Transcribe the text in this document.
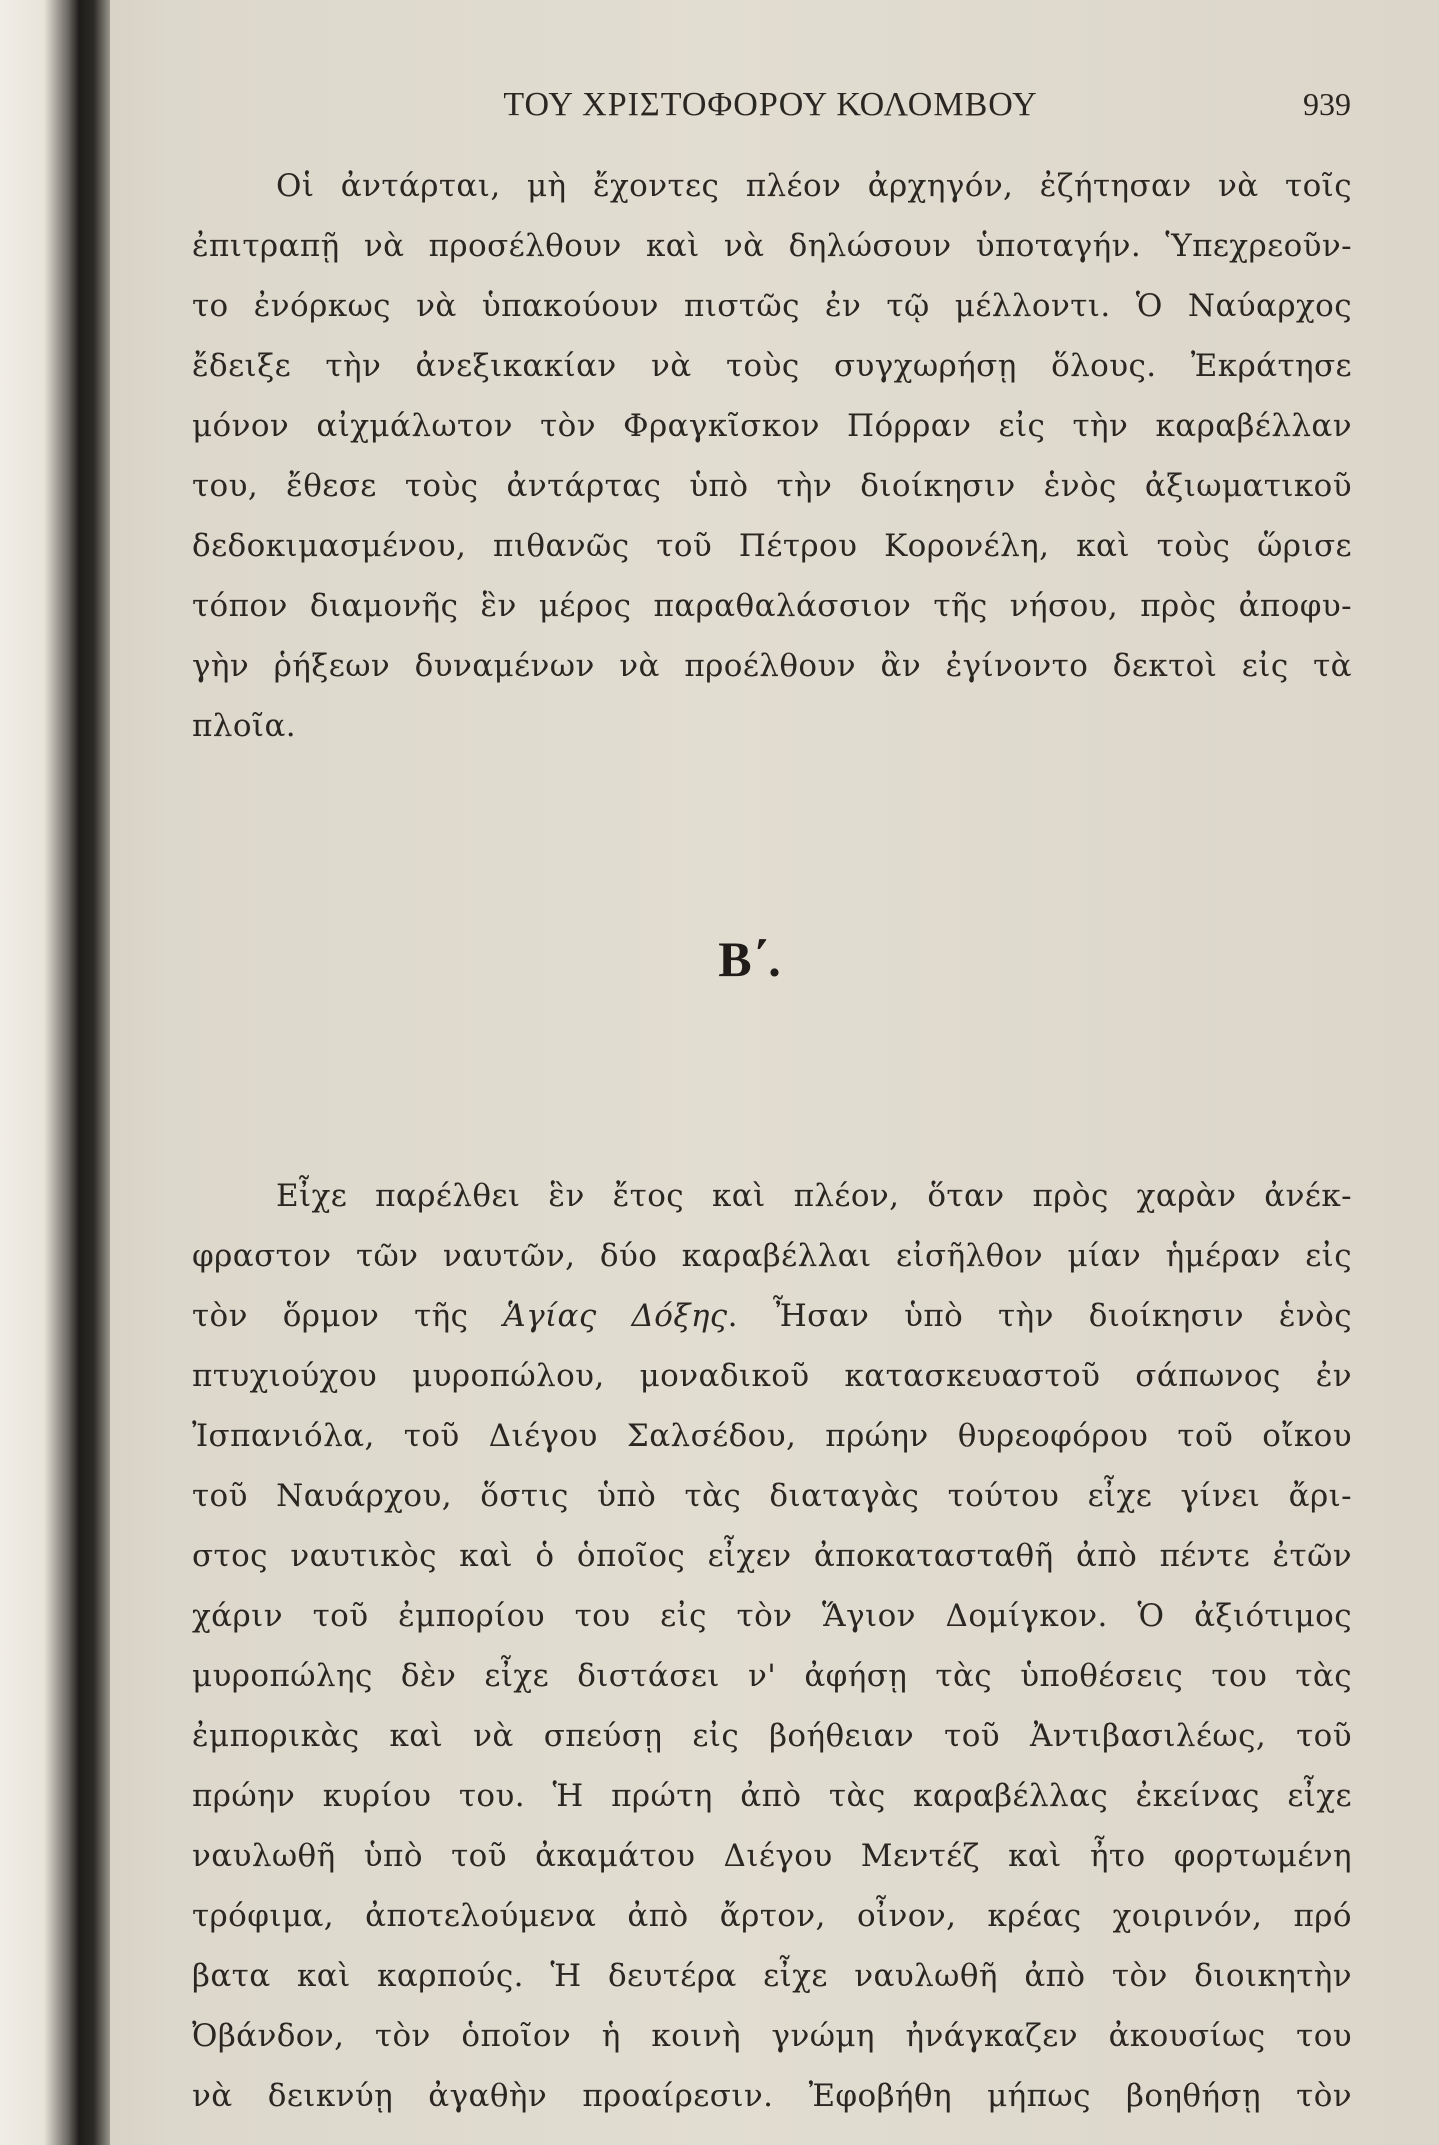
ΤΟΥ ΧΡΙΣΤΟΦΟΡΟΥ ΚΟΛΟΜΒΟΥ	939
Οἱ ἀντάρται, μὴ ἔχοντες πλέον ἀρχηγόν, ἐζήτησαν νὰ τοῖς
ἐπιτραπῇ νὰ προσέλθουν καὶ νὰ δηλώσουν ὑποταγήν. Ὑπεχρεοῦν-
το ἐνόρκως νὰ ὑπακούουν πιστῶς ἐν τῷ μέλλοντι. Ὁ Ναύαρχος
ἔδειξε τὴν ἀνεξικακίαν νὰ τοὺς συγχωρήσῃ ὅλους. Ἐκράτησε
μόνον αἰχμάλωτον τὸν Φραγκῖσκον Πόρραν εἰς τὴν καραβέλλαν
του, ἔθεσε τοὺς ἀντάρτας ὑπὸ τὴν διοίκησιν ἑνὸς ἀξιωματικοῦ
δεδοκιμασμένου, πιθανῶς τοῦ Πέτρου Κορονέλη, καὶ τοὺς ὥρισε
τόπον διαμονῆς ἓν μέρος παραθαλάσσιον τῆς νήσου, πρὸς ἀποφυ-
γὴν ῥήξεων δυναμένων νὰ προέλθουν ἂν ἐγίνοντο δεκτοὶ εἰς τὰ
πλοῖα.
Β΄.
Εἶχε παρέλθει ἓν ἔτος καὶ πλέον, ὅταν πρὸς χαρὰν ἀνέκ-
φραστον τῶν ναυτῶν, δύο καραβέλλαι εἰσῆλθον μίαν ἡμέραν εἰς
τὸν ὅρμον τῆς Ἁγίας Δόξης. Ἦσαν ὑπὸ τὴν διοίκησιν ἑνὸς
πτυχιούχου μυροπώλου, μοναδικοῦ κατασκευαστοῦ σάπωνος ἐν
Ἰσπανιόλα, τοῦ Διέγου Σαλσέδου, πρώην θυρεοφόρου τοῦ οἴκου
τοῦ Ναυάρχου, ὅστις ὑπὸ τὰς διαταγὰς τούτου εἶχε γίνει ἄρι-
στος ναυτικὸς καὶ ὁ ὁποῖος εἶχεν ἀποκατασταθῆ ἀπὸ πέντε ἐτῶν
χάριν τοῦ ἐμπορίου του εἰς τὸν Ἅγιον Δομίγκον. Ὁ ἀξιότιμος
μυροπώλης δὲν εἶχε διστάσει ν' ἀφήσῃ τὰς ὑποθέσεις του τὰς
ἐμπορικὰς καὶ νὰ σπεύσῃ εἰς βοήθειαν τοῦ Ἀντιβασιλέως, τοῦ
πρώην κυρίου του. Ἡ πρώτη ἀπὸ τὰς καραβέλλας ἐκείνας εἶχε
ναυλωθῆ ὑπὸ τοῦ ἀκαμάτου Διέγου Μεντέζ καὶ ἦτο φορτωμένη
τρόφιμα, ἀποτελούμενα ἀπὸ ἄρτον, οἶνον, κρέας χοιρινόν, πρό
βατα καὶ καρπούς. Ἡ δευτέρα εἶχε ναυλωθῆ ἀπὸ τὸν διοικητὴν
Ὀβάνδον, τὸν ὁποῖον ἡ κοινὴ γνώμη ἠνάγκαζεν ἀκουσίως του
νὰ δεικνύῃ ἀγαθὴν προαίρεσιν. Ἐφοβήθη μήπως βοηθήσῃ τὸν
